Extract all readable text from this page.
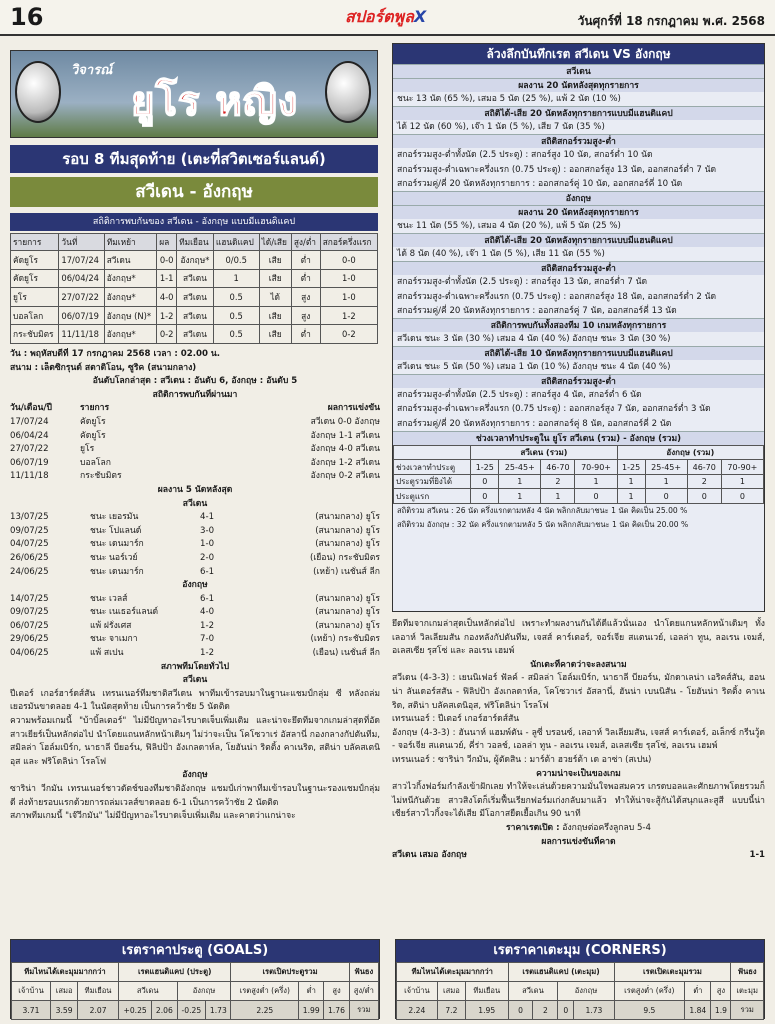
16	สปอร์ตพูลX	วันศุกร์ที่ 18 กรกฎาคม พ.ศ. 2568
วิจารณ์
ยูโร หญิง
รอบ 8 ทีมสุดท้าย (เตะที่สวิตเซอร์แลนด์)
สวีเดน - อังกฤษ
สถิติการพบกันของ สวีเดน - อังกฤษ แบบมีแฮนดิแคป
รายการ	วันที่	ทีมเหย้า	ผล	ทีมเยือน	แฮนดิแคป	ได้/เสีย	สูง/ต่ำ	สกอร์ครึ่งแรก
คัดยูโร	17/07/24	สวีเดน	0-0	อังกฤษ*	0/0.5	เสีย	ต่ำ	0-0
คัดยูโร	06/04/24	อังกฤษ*	1-1	สวีเดน	1	เสีย	ต่ำ	1-0
ยูโร	27/07/22	อังกฤษ*	4-0	สวีเดน	0.5	ได้	สูง	1-0
บอลโลก	06/07/19	อังกฤษ (N)*	1-2	สวีเดน	0.5	เสีย	สูง	1-2
กระชับมิตร	11/11/18	อังกฤษ*	0-2	สวีเดน	0.5	เสีย	ต่ำ	0-2
วัน : พฤหัสบดีที่ 17 กรกฎาคม 2568 เวลา : 02.00 น.
สนาม : เล็ตซิกรุนด์ สตาดิโอน, ซูริค (สนามกลาง)
อันดับโลกล่าสุด : สวีเดน : อันดับ 6, อังกฤษ : อันดับ 5
สถิติการพบกันที่ผ่านมา
วัน/เดือน/ปี	รายการ	ผลการแข่งขัน
17/07/24	คัดยูโร	สวีเดน 0-0 อังกฤษ
06/04/24	คัดยูโร	อังกฤษ 1-1 สวีเดน
27/07/22	ยูโร	อังกฤษ 4-0 สวีเดน
06/07/19	บอลโลก	อังกฤษ 1-2 สวีเดน
11/11/18	กระชับมิตร	อังกฤษ 0-2 สวีเดน
ผลงาน 5 นัดหลังสุด
สวีเดน
13/07/25	ชนะ เยอรมัน	4-1	(สนามกลาง) ยูโร
09/07/25	ชนะ โปแลนด์	3-0	(สนามกลาง) ยูโร
04/07/25	ชนะ เดนมาร์ก	1-0	(สนามกลาง) ยูโร
26/06/25	ชนะ นอร์เวย์	2-0	(เยือน) กระชับมิตร
24/06/25	ชนะ เดนมาร์ก	6-1	(เหย้า) เนชั่นส์ ลีก
อังกฤษ
14/07/25	ชนะ เวลส์	6-1	(สนามกลาง) ยูโร
09/07/25	ชนะ เนเธอร์แลนด์	4-0	(สนามกลาง) ยูโร
06/07/25	แพ้ ฝรั่งเศส	1-2	(สนามกลาง) ยูโร
29/06/25	ชนะ จาเมกา	7-0	(เหย้า) กระชับมิตร
04/06/25	แพ้ สเปน	1-2	(เยือน) เนชั่นส์ ลีก
สภาพทีมโดยทั่วไป
สวีเดน
ปีเตอร์ เกอร์ฮาร์ดส์สัน เทรนเนอร์ทีมชาติสวีเดน พาทีมเข้ารอบมาในฐานะแชมป์กลุ่ม ซี หลังถล่มเยอรมันขาดลอย 4-1 ในนัดสุดท้าย เป็นการคว้าชัย 5 นัดติด
ความพร้อมเกมนี้ "บ้าบิ้ลเตอร์" ไม่มีปัญหาอะไรบาดเจ็บเพิ่มเติม และน่าจะยึดทีมจากเกมล่าสุดที่อัดสาวเยียร์เป็นหลักต่อไป นำโดยแถนหลักหน้าเดิมๆ ไม่ว่าจะเป็น โคโซวาเร่ อัสลานี่ กองกลางกัปตันทีม, สมิลล่า โฮล์มเบิร์ก, นาธาลี บียอร์น, ฟิลิปป้า อังเกลดาห์ล, โยฮันน่า ริตติ้ง คาเนริด, สติน่า บลัคสเตนิอุส และ ฟริโดลิน่า โรลโฟ
อังกฤษ
ซาริน่า วีกมัน เทรนเนอร์ชาวดัตช์ของทีมชาติอังกฤษ แชมป์เก่าพาทีมเข้ารอบในฐานะรองแชมป์กลุ่ม ดี ส่งท้ายรอบแรกด้วยการถล่มเวลส์ขาดลอย 6-1 เป็นการคว้าชัย 2 นัดติด
สภาพทีมเกมนี้ "เจ๊วีกมัน" ไม่มีปัญหาอะไรบาดเจ็บเพิ่มเติม และคาดว่าแกน่าจะ
ล้วงลึกบันทึกเรต สวีเดน VS อังกฤษ
สวีเดน
ผลงาน 20 นัดหลังสุดทุกรายการ
ชนะ 13 นัด (65 %), เสมอ 5 นัด (25 %), แพ้ 2 นัด (10 %)
สถิติได้-เสีย 20 นัดหลังทุกรายการแบบมีแฮนดิแคป
ได้ 12 นัด (60 %), เจ๊า 1 นัด (5 %), เสีย 7 นัด (35 %)
สถิติสกอร์รวมสูง-ต่ำ
สกอร์รวมสูง-ต่ำทั้งนัด (2.5 ประตู) : สกอร์สูง 10 นัด, สกอร์ต่ำ 10 นัด
สกอร์รวมสูง-ต่ำเฉพาะครึ่งแรก (0.75 ประตู) : ออกสกอร์สูง 13 นัด, ออกสกอร์ต่ำ 7 นัด
สกอร์รวมคู่/คี่ 20 นัดหลังทุกรายการ : ออกสกอร์คู่ 10 นัด, ออกสกอร์คี่ 10 นัด
อังกฤษ
ผลงาน 20 นัดหลังสุดทุกรายการ
ชนะ 11 นัด (55 %), เสมอ 4 นัด (20 %), แพ้ 5 นัด (25 %)
สถิติได้-เสีย 20 นัดหลังทุกรายการแบบมีแฮนดิแคป
ได้ 8 นัด (40 %), เจ๊า 1 นัด (5 %), เสีย 11 นัด (55 %)
สถิติสกอร์รวมสูง-ต่ำ
สกอร์รวมสูง-ต่ำทั้งนัด (2.5 ประตู) : สกอร์สูง 13 นัด, สกอร์ต่ำ 7 นัด
สกอร์รวมสูง-ต่ำเฉพาะครึ่งแรก (0.75 ประตู) : ออกสกอร์สูง 18 นัด, ออกสกอร์ต่ำ 2 นัด
สกอร์รวมคู่/คี่ 20 นัดหลังทุกรายการ : ออกสกอร์คู่ 7 นัด, ออกสกอร์คี่ 13 นัด
สถิติการพบกันทั้งสองทีม 10 เกมหลังทุกรายการ
สวีเดน ชนะ 3 นัด (30 %) เสมอ 4 นัด (40 %) อังกฤษ ชนะ 3 นัด (30 %)
สถิติได้-เสีย 10 นัดหลังทุกรายการแบบมีแฮนดิแคป
สวีเดน ชนะ 5 นัด (50 %) เสมอ 1 นัด (10 %) อังกฤษ ชนะ 4 นัด (40 %)
สถิติสกอร์รวมสูง-ต่ำ
สกอร์รวมสูง-ต่ำทั้งนัด (2.5 ประตู) : สกอร์สูง 4 นัด, สกอร์ต่ำ 6 นัด
สกอร์รวมสูง-ต่ำเฉพาะครึ่งแรก (0.75 ประตู) : ออกสกอร์สูง 7 นัด, ออกสกอร์ต่ำ 3 นัด
สกอร์รวมคู่/คี่ 20 นัดหลังทุกรายการ : ออกสกอร์คู่ 8 นัด, ออกสกอร์คี่ 2 นัด
ช่วงเวลาทำประตูใน ยูโร สวีเดน (รวม) - อังกฤษ (รวม)
	สวีเดน (รวม)				อังกฤษ (รวม)			
ช่วงเวลาทำประตู	1-25	25-45+	46-70	70-90+	1-25	25-45+	46-70	70-90+
ประตูรวมที่ยิงได้	0	1	2	1	1	1	2	1
ประตูแรก	0	1	1	0	1	0	0	0
สถิติรวม สวีเดน : 26 นัด ครึ่งแรกตามหลัง 4 นัด พลิกกลับมาชนะ 1 นัด คิดเป็น 25.00 %
สถิติรวม อังกฤษ : 32 นัด ครึ่งแรกตามหลัง 5 นัด พลิกกลับมาชนะ 1 นัด คิดเป็น 20.00 %
ยึดทีมจากเกมล่าสุดเป็นหลักต่อไป เพราะทำผลงานกันได้ดีแล้วนั่นเอง นำโดยแกนหลักหน้าเดิมๆ ทั้ง เลอาห์ วิลเลียมสัน กองหลังกัปตันทีม, เจสส์ คาร์เตอร์, จอร์เจีย สแตนเวย์, เอลล่า ทูน, ลอเรน เจมส์, อเลสเซีย รุสโซ่ และ ลอเรน เฮมพ์
นักเตะที่คาดว่าจะลงสนาม
สวีเดน (4-3-3) : เยนนิเฟอร์ ฟัลค์ - สมิลล่า โฮล์มเบิร์ก, นาธาลี บียอร์น, มักดาเลน่า เอริคส์สัน, ฮอนน่า ลันเดอร์สสัน - ฟิลิปป้า อังเกลดาห์ล, โคโซวาเร่ อัสลานี่, ฮันน่า เบนนิสัน - โยฮันน่า ริตติ้ง คาเนริด, สติน่า บลัคสเตนิอุส, ฟริโดลิน่า โรลโฟ
เทรนเนอร์ : ปีเตอร์ เกอร์ฮาร์ดส์สัน
อังกฤษ (4-3-3) : ฮันนาห์ แฮมพ์ตัน - ลูซี่ บรอนซ์, เลอาห์ วิลเลียมสัน, เจสส์ คาร์เตอร์, อเล็กซ์ กรีนวู้ด - จอร์เจีย สแตนเวย์, คี่ร่า วอลช์, เอลล่า ทูน - ลอเรน เจมส์, อเลสเซีย รุสโซ่, ลอเรน เฮมพ์
เทรนเนอร์ : ซาริน่า วีกมัน, ผู้ตัดสิน : มาร์ต้า ฮวยร์ต้า เด อาซ่า (สเปน)
ความน่าจะเป็นของเกม
สาวไวกิ้งฟอร์มกำลังเข้าฝักเลย ทำให้จะเล่นด้วยความมั่นใจพอสมควร เกรดบอลและศักยภาพโดยรวมก็ไม่หนีกันด้วย สาวสิงโตก็เริ่มฟื้นเรียกฟอร์มเก่งกลับมาแล้ว ทำให้น่าจะสู้กันได้สนุกและสูสี แบบนี้น่าเชียร์สาวไวกิ้งจะได้เสีย มีโอกาสยืดเยื้อเกิน 90 นาที
ราคาเรตเปิด : อังกฤษต่อครึ่งลูกลบ 5-4
ผลการแข่งขันที่คาด
สวีเดน เสมอ อังกฤษ	1-1
เรตราคาประตู (GOALS)
ทีมไหนได้เตะมุมมากกว่า			เรตแฮนดิแคป (ประตู)				เรตเปิดประตูรวม			ฟันธง
เจ้าบ้าน	เสมอ	ทีมเยือน	สวีเดน		อังกฤษ		เรตสูงต่ำ (ครึ่ง)	ต่ำ	สูง	สูง/ต่ำ
3.71	3.59	2.07	+0.25	2.06	-0.25	1.73	2.25	1.99	1.76	รวม
เรตราคาเตะมุม (CORNERS)
ทีมไหนได้เตะมุมมากกว่า			เรตแฮนดิแคป (เตะมุม)				เรตเปิดเตะมุมรวม			ฟันธง
เจ้าบ้าน	เสมอ	ทีมเยือน	สวีเดน		อังกฤษ		เรตสูงต่ำ (ครึ่ง)	ต่ำ	สูง	เตะมุม
2.24	7.2	1.95	0	2	0	1.73	9.5	1.84	1.9	รวม
